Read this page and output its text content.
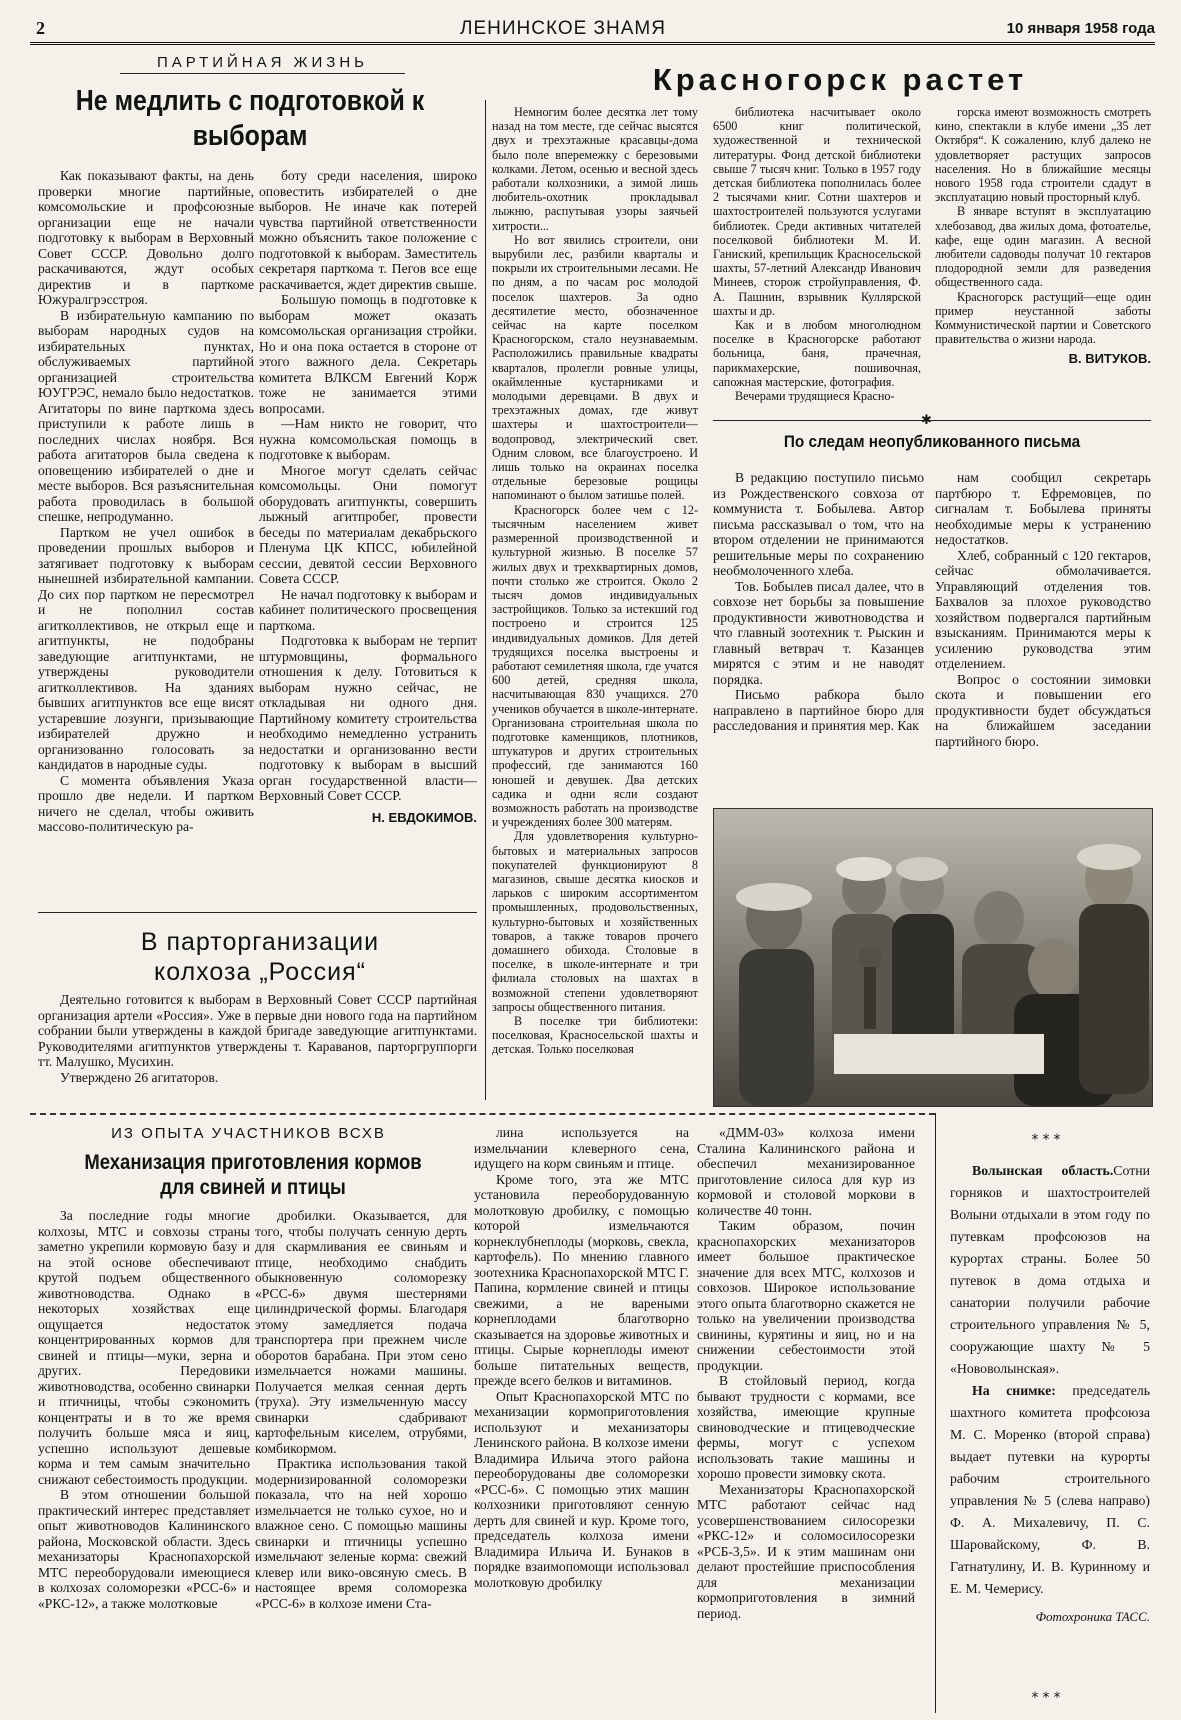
2	ЛЕНИНСКОЕ ЗНАМЯ	10 января 1958 года
ПАРТИЙНАЯ ЖИЗНЬ
Не медлить с подготовкой к выборам

Как показывают факты, на день проверки многие партийные, комсомольские и профсоюзные организации еще не начали подготовку к выборам в Верховный Совет СССР. Довольно долго раскачиваются, ждут особых директив и в парткоме Южуралгрэсстроя.

В избирательную кампанию по выборам народных судов на избирательных пунктах, обслуживаемых партийной организацией строительства ЮУГРЭС, немало было недостатков. Агитаторы по вине парткома здесь приступили к работе лишь в последних числах ноября. Вся работа агитаторов была сведена к оповещению избирателей о дне и месте выборов. Вся разъяснительная работа проводилась в большой спешке, непродуманно.

Партком не учел ошибок в проведении прошлых выборов и затягивает подготовку к выборам нынешней избирательной кампании. До сих пор партком не пересмотрел и не пополнил состав агитколлективов, не открыл еще и агитпункты, не подобраны заведующие агитпунктами, не утверждены руководители агитколлективов. На зданиях бывших агитпунктов все еще висят устаревшие лозунги, призывающие избирателей дружно и организованно голосовать за кандидатов в народные суды.

С момента объявления Указа прошло две недели. И партком ничего не сделал, чтобы оживить массово-политическую ра-

боту среди населения, широко оповестить избирателей о дне выборов. Не иначе как потерей чувства партийной ответственности можно объяснить такое положение с подготовкой к выборам. Заместитель секретаря парткома т. Пегов все еще раскачивается, ждет директив свыше.

Большую помощь в подготовке к выборам может оказать комсомольская организация стройки. Но и она пока остается в стороне от этого важного дела. Секретарь комитета ВЛКСМ Евгений Корж тоже не занимается этими вопросами.

—Нам никто не говорит, что нужна комсомольская помощь в подготовке к выборам.

Многое могут сделать сейчас комсомольцы. Они помогут оборудовать агитпункты, совершить лыжный агитпробег, провести беседы по материалам декабрьского Пленума ЦК КПСС, юбилейной сессии, девятой сессии Верховного Совета СССР.

Не начал подготовку к выборам и кабинет политического просвещения парткома.

Подготовка к выборам не терпит штурмовщины, формального отношения к делу. Готовиться к выборам нужно сейчас, не откладывая ни одного дня. Партийному комитету строительства необходимо немедленно устранить недостатки и организованно вести подготовку к выборам в высший орган государственной власти—Верховный Совет СССР.

Н. ЕВДОКИМОВ.
В парторганизации
колхоза „Россия“

Деятельно готовится к выборам в Верховный Совет СССР партийная организация артели «Россия». Уже в первые дни нового года на партийном собрании были утверждены в каждой бригаде заведующие агитпунктами. Руководителями агитпунктов утверждены т. Караванов, парторгруппорги тт. Малушко, Мусихин.

Утверждено 26 агитаторов.

Красногорск растет

Немногим более десятка лет тому назад на том месте, где сейчас высятся двух и трехэтажные красавцы-дома было поле вперемежку с березовыми колками. Летом, осенью и весной здесь работали колхозники, а зимой лишь любитель-охотник прокладывал лыжню, распутывая узоры заячьей хитрости...

Но вот явились строители, они вырубили лес, разбили кварталы и покрыли их строительными лесами. Не по дням, а по часам рос молодой поселок шахтеров. За одно десятилетие место, обозначенное сейчас на карте поселком Красногорском, стало неузнаваемым. Расположились правильные квадраты кварталов, пролегли ровные улицы, окаймленные кустарниками и молодыми деревцами. В двух и трехэтажных домах, где живут шахтеры и шахтостроители—водопровод, электрический свет. Одним словом, все благоустроено. И лишь только на окраинах поселка отдельные березовые рощицы напоминают о былом затишье полей.

Красногорск более чем с 12-тысячным населением живет размеренной производственной и культурной жизнью. В поселке 57 жилых двух и трехквартирных домов, почти столько же строится. Около 2 тысяч домов индивидуальных застройщиков. Только за истекший год построено и строится 125 индивидуальных домиков. Для детей трудящихся поселка выстроены и работают семилетняя школа, где учатся 600 детей, средняя школа, насчитывающая 830 учащихся. 270 учеников обучается в школе-интернате. Организована строительная школа по подготовке каменщиков, плотников, штукатуров и других строительных профессий, где занимаются 160 юношей и девушек. Два детских садика и одни ясли создают возможность работать на производстве и учреждениях более 300 матерям.

Для удовлетворения культурно-бытовых и материальных запросов покупателей функционируют 8 магазинов, свыше десятка киосков и ларьков с широким ассортиментом промышленных, продовольственных, культурно-бытовых и хозяйственных товаров, а также товаров прочего домашнего обихода. Столовые в поселке, в школе-интернате и три филиала столовых на шахтах в возможной степени удовлетворяют запросы общественного питания.

В поселке три библиотеки: поселковая, Красносельской шахты и детская. Только поселковая

библиотека насчитывает около 6500 книг политической, художественной и технической литературы. Фонд детской библиотеки свыше 7 тысяч книг. Только в 1957 году детская библиотека пополнилась более 2 тысячами книг. Сотни шахтеров и шахтостроителей пользуются услугами библиотек. Среди активных читателей поселковой библиотеки М. И. Ганиский, крепильщик Красносельской шахты, 57-летний Александр Иванович Минеев, сторож стройуправления, Ф. А. Пашнин, взрывник Куллярской шахты и др.

Как и в любом многолюдном поселке в Красногорске работают больница, баня, прачечная, парикмахерские, пошивочная, сапожная мастерские, фотография.

Вечерами трудящиеся Красно-

горска имеют возможность смотреть кино, спектакли в клубе имени „35 лет Октября“. К сожалению, клуб далеко не удовлетворяет растущих запросов населения. Но в ближайшие месяцы нового 1958 года строители сдадут в эксплуатацию новый просторный клуб.

В январе вступят в эксплуатацию хлебозавод, два жилых дома, фотоателье, кафе, еще один магазин. А весной любители садоводы получат 10 гектаров плодородной земли для разведения общественного сада.

Красногорск растущий—еще один пример неустанной заботы Коммунистической партии и Советского правительства о жизни народа.

В. ВИТУКОВ.
✱
По следам неопубликованного письма

В редакцию поступило письмо из Рождественского совхоза от коммуниста т. Бобылева. Автор письма рассказывал о том, что на втором отделении не принимаются решительные меры по сохранению необмолоченного хлеба.

Тов. Бобылев писал далее, что в совхозе нет борьбы за повышение продуктивности животноводства и что главный зоотехник т. Рыскин и главный ветврач т. Казанцев мирятся с этим и не наводят порядка.

Письмо рабкора было направлено в партийное бюро для расследования и принятия мер. Как

нам сообщил секретарь партбюро т. Ефремовцев, по сигналам т. Бобылева приняты необходимые меры к устранению недостатков.

Хлеб, собранный с 120 гектаров, сейчас обмолачивается. Управляющий отделения тов. Бахвалов за плохое руководство хозяйством подвергался партийным взысканиям. Принимаются меры к усилению руководства этим отделением.

Вопрос о состоянии зимовки скота и повышении его продуктивности будет обсуждаться на ближайшем заседании партийного бюро.

ИЗ ОПЫТА УЧАСТНИКОВ ВСХВ
Механизация приготовления кормов
для свиней и птицы

За последние годы многие колхозы, МТС и совхозы страны заметно укрепили кормовую базу и на этой основе обеспечивают крутой подъем общественного животноводства. Однако в некоторых хозяйствах еще ощущается недостаток концентрированных кормов для свиней и птицы—муки, зерна и других. Передовики животноводства, особенно свинарки и птичницы, чтобы сэкономить концентраты и в то же время получить больше мяса и яиц, успешно используют дешевые корма и тем самым значительно снижают себестоимость продукции.

В этом отношении большой практический интерес представляет опыт животноводов Калининского района, Московской области. Здесь механизаторы Краснопахорской МТС переоборудовали имеющиеся в колхозах соломорезки «РСС-6» и «РКС-12», а также молотковые

дробилки. Оказывается, для того, чтобы получать сенную дерть для скармливания ее свиньям и птице, необходимо снабдить обыкновенную соломорезку «РСС-6» двумя шестернями цилиндрической формы. Благодаря этому замедляется подача транспортера при прежнем числе оборотов барабана. При этом сено измельчается ножами машины. Получается мелкая сенная дерть (труха). Эту измельченную массу свинарки сдабривают картофельным киселем, отрубями, комбикормом.

Практика использования такой модернизированной соломорезки показала, что на ней хорошо измельчается не только сухое, но и влажное сено. С помощью машины свинарки и птичницы успешно измельчают зеленые корма: свежий клевер или вико-овсяную смесь. В настоящее время соломорезка «РСС-6» в колхозе имени Ста-

лина используется на измельчании клеверного сена, идущего на корм свиньям и птице.

Кроме того, эта же МТС установила переоборудованную молотковую дробилку, с помощью которой измельчаются корнеклубнеплоды (морковь, свекла, картофель). По мнению главного зоотехника Краснопахорской МТС Г. Папина, кормление свиней и птицы свежими, а не вареными корнеплодами благотворно сказывается на здоровье животных и птицы. Сырые корнеплоды имеют больше питательных веществ, прежде всего белков и витаминов.

Опыт Краснопахорской МТС по механизации кормоприготовления используют и механизаторы Ленинского района. В колхозе имени Владимира Ильича этого района переоборудованы две соломорезки «РСС-6». С помощью этих машин колхозники приготовляют сенную дерть для свиней и кур. Кроме того, председатель колхоза имени Владимира Ильича И. Бунаков в порядке взаимопомощи использовал молотковую дробилку

«ДММ-03» колхоза имени Сталина Калининского района и обеспечил механизированное приготовление силоса для кур из кормовой и столовой моркови в количестве 40 тонн.

Таким образом, почин краснопахорских механизаторов имеет большое практическое значение для всех МТС, колхозов и совхозов. Широкое использование этого опыта благотворно скажется не только на увеличении производства свинины, курятины и яиц, но и на снижении себестоимости этой продукции.

В стойловый период, когда бывают трудности с кормами, все хозяйства, имеющие крупные свиноводческие и птицеводческие фермы, могут с успехом использовать такие машины и хорошо провести зимовку скота.

Механизаторы Краснопахорской МТС работают сейчас над усовершенствованием силосорезки «РКС-12» и соломосилосорезки «РСБ-3,5». И к этим машинам они делают простейшие приспособления для механизации кормоприготовления в зимний период.

***

Волынская область.Сотни горняков и шахтостроителей Волыни отдыхали в этом году по путевкам профсоюзов на курортах страны. Более 50 путевок в дома отдыха и санатории получили рабочие строительного управления № 5, сооружающие шахту № 5 «Нововолынская».

На снимке: председатель шахтного комитета профсоюза М. С. Моренко (второй справа) выдает путевки на курорты рабочим строительного управления № 5 (слева направо) Ф. А. Михалевичу, П. С. Шаровайскому, Ф. В. Гатнатулину, И. В. Куринному и Е. М. Чемерису.

Фотохроника ТАСС.
***
